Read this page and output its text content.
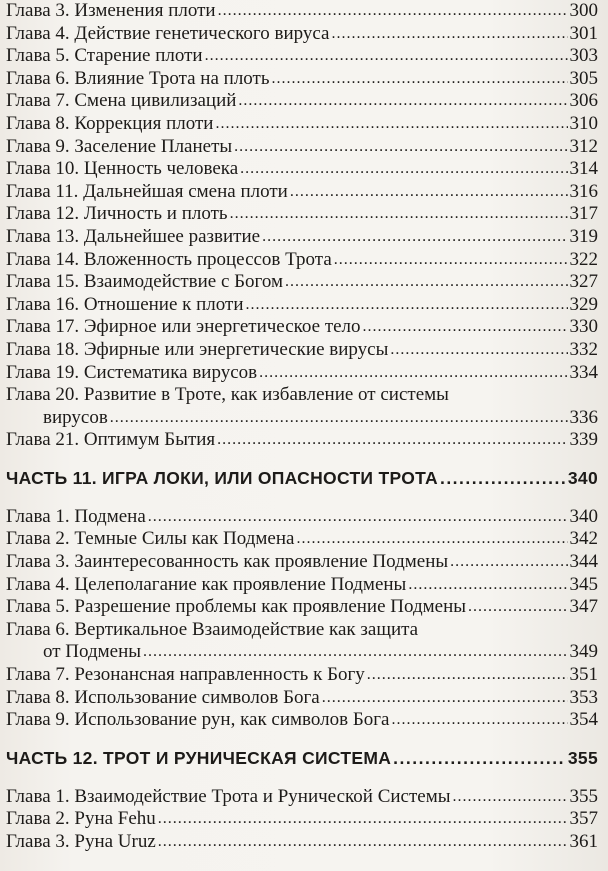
Глава 3. Изменения плоти .....	300
Глава 4. Действие генетического вируса .....	301
Глава 5. Старение плоти .....	303
Глава 6. Влияние Трота на плоть .....	305
Глава 7. Смена цивилизаций .....	306
Глава 8. Коррекция плоти .....	310
Глава 9. Заселение Планеты .....	312
Глава 10. Ценность человека .....	314
Глава 11. Дальнейшая смена плоти .....	316
Глава 12. Личность и плоть .....	317
Глава 13. Дальнейшее развитие .....	319
Глава 14. Вложенность процессов Трота .....	322
Глава 15. Взаимодействие с Богом .....	327
Глава 16. Отношение к плоти .....	329
Глава 17. Эфирное или энергетическое тело .....	330
Глава 18. Эфирные или энергетические вирусы .....	332
Глава 19. Систематика вирусов .....	334
Глава 20. Развитие в Троте, как избавление от системы
вирусов .....	336
Глава 21. Оптимум Бытия .....	339
ЧАСТЬ 11. ИГРА ЛОКИ, ИЛИ ОПАСНОСТИ ТРОТА .....	340
Глава 1. Подмена .....	340
Глава 2. Темные Силы как Подмена .....	342
Глава 3. Заинтересованность как проявление Подмены .....	344
Глава 4. Целеполагание как проявление Подмены .....	345
Глава 5. Разрешение проблемы как проявление Подмены .....	347
Глава 6. Вертикальное Взаимодействие как защита
от Подмены .....	349
Глава 7. Резонансная направленность к Богу .....	351
Глава 8. Использование символов Бога .....	353
Глава 9. Использование рун, как символов Бога .....	354
ЧАСТЬ 12. ТРОТ И РУНИЧЕСКАЯ СИСТЕМА .....	355
Глава 1. Взаимодействие Трота и Рунической Системы .....	355
Глава 2. Руна Fehu .....	357
Глава 3. Руна Uruz .....	361
